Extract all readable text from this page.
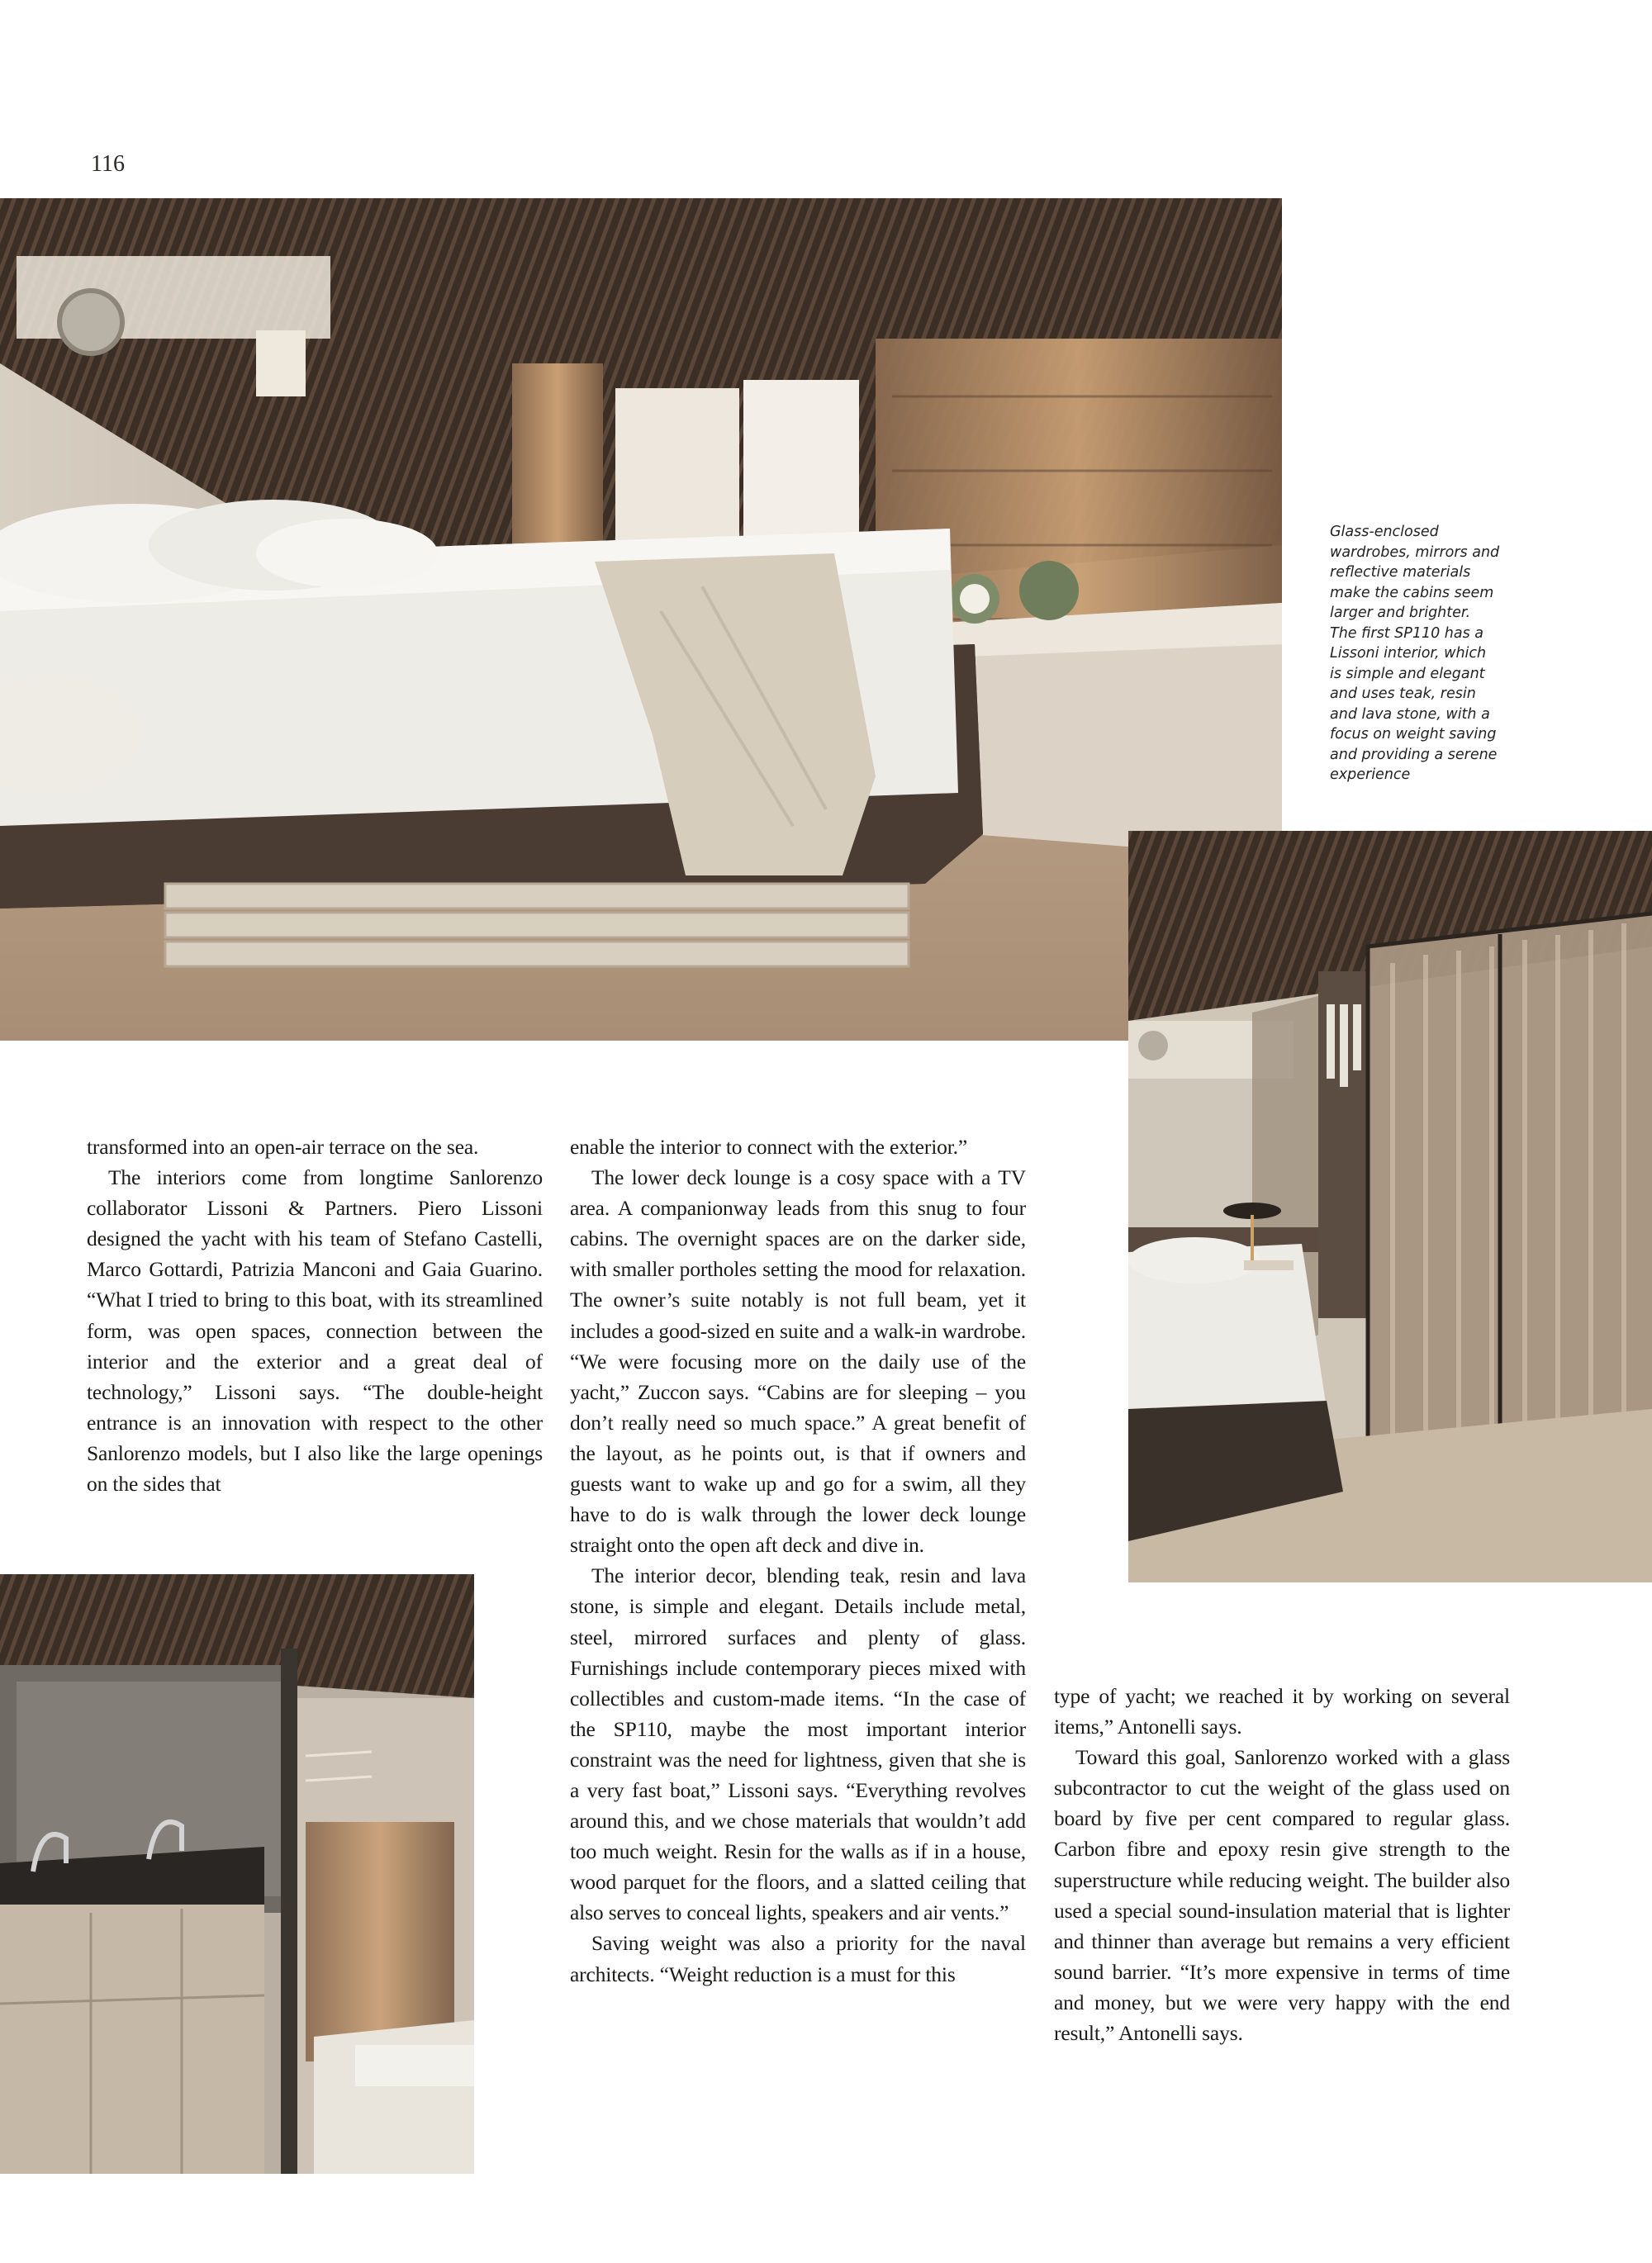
116
Glass-enclosed
wardrobes, mirrors and
reflective materials
make the cabins seem
larger and brighter.
The first SP110 has a
Lissoni interior, which
is simple and elegant
and uses teak, resin
and lava stone, with a
focus on weight saving
and providing a serene
experience

transformed into an open-air terrace on the sea.

The interiors come from longtime Sanlorenzo collaborator Lissoni & Partners. Piero Lissoni designed the yacht with his team of Stefano Castelli, Marco Gottardi, Patrizia Manconi and Gaia Guarino. “What I tried to bring to this boat, with its streamlined form, was open spaces, connection between the interior and the exterior and a great deal of technology,” Lissoni says. “The double-height entrance is an innovation with respect to the other Sanlorenzo models, but I also like the large openings on the sides that

enable the interior to connect with the exterior.”

The lower deck lounge is a cosy space with a TV area. A companionway leads from this snug to four cabins. The overnight spaces are on the darker side, with smaller portholes setting the mood for relaxation. The owner’s suite notably is not full beam, yet it includes a good-sized en suite and a walk-in wardrobe. “We were focusing more on the daily use of the yacht,” Zuccon says. “Cabins are for sleeping – you don’t really need so much space.” A great benefit of the layout, as he points out, is that if owners and guests want to wake up and go for a swim, all they have to do is walk through the lower deck lounge straight onto the open aft deck and dive in.

The interior decor, blending teak, resin and lava stone, is simple and elegant. Details include metal, steel, mirrored surfaces and plenty of glass. Furnishings include contemporary pieces mixed with collectibles and custom-made items. “In the case of the SP110, maybe the most important interior constraint was the need for lightness, given that she is a very fast boat,” Lissoni says. “Everything revolves around this, and we chose materials that wouldn’t add too much weight. Resin for the walls as if in a house, wood parquet for the floors, and a slatted ceiling that also serves to conceal lights, speakers and air vents.”

Saving weight was also a priority for the naval architects. “Weight reduction is a must for this

type of yacht; we reached it by working on several items,” Antonelli says.

Toward this goal, Sanlorenzo worked with a glass subcontractor to cut the weight of the glass used on board by five per cent compared to regular glass. Carbon fibre and epoxy resin give strength to the superstructure while reducing weight. The builder also used a special sound-insulation material that is lighter and thinner than average but remains a very efficient sound barrier. “It’s more expensive in terms of time and money, but we were very happy with the end result,” Antonelli says.
